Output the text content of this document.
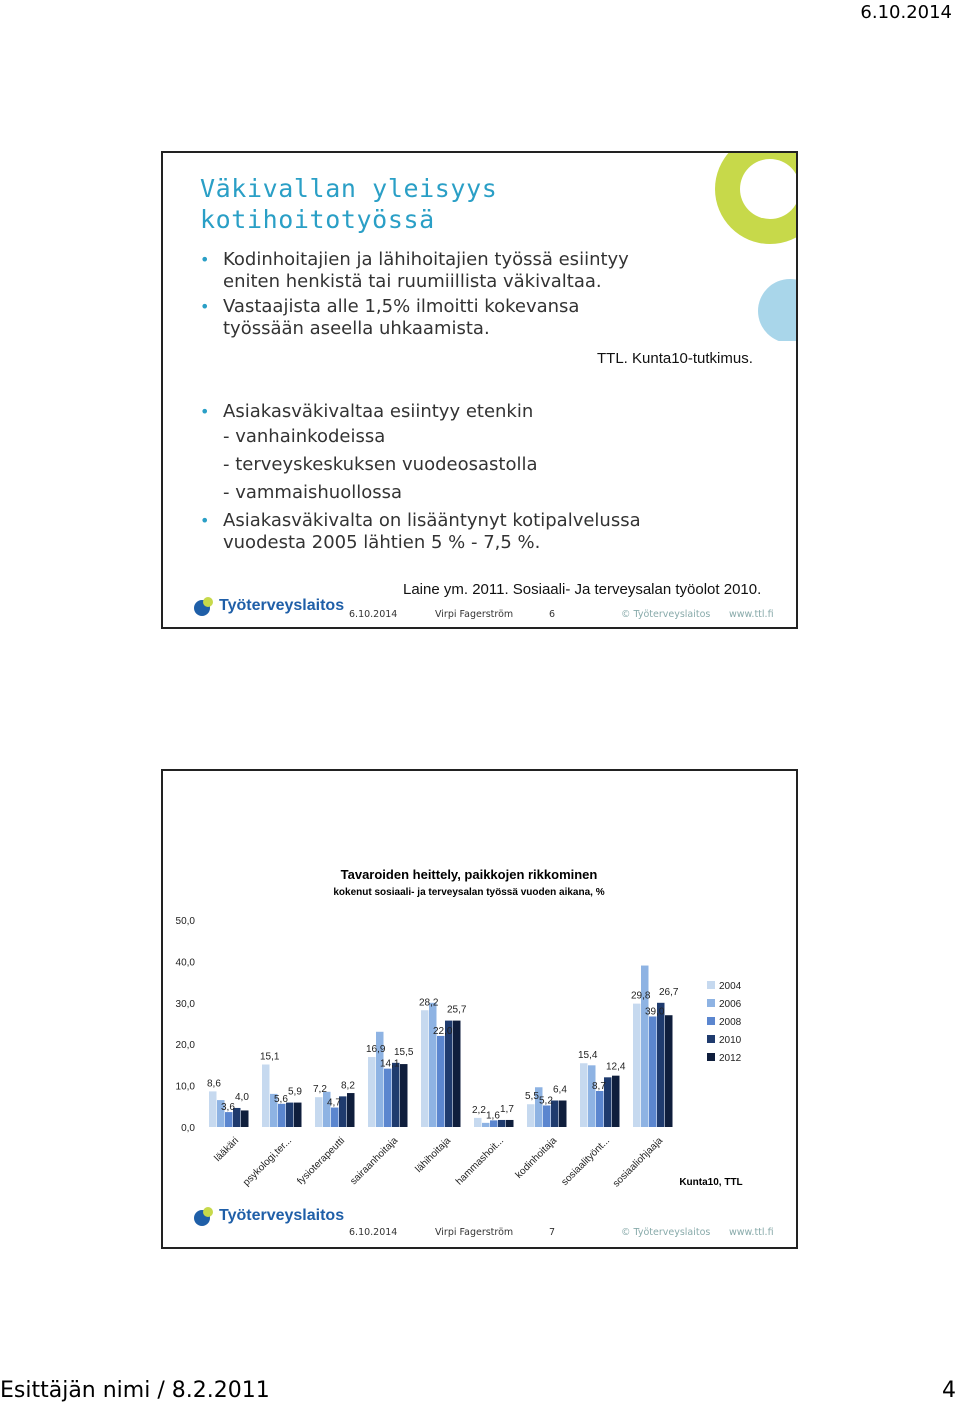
6.10.2014
Väkivallan yleisyys
kotihoitotyössä
• Kodinhoitajien ja lähihoitajien työssä esiintyy eniten henkistä tai ruumiillista väkivaltaa.
• Vastaajista alle 1,5% ilmoitti kokevansa työssään aseella uhkaamista.
TTL. Kunta10-tutkimus.
• Asiakasväkivaltaa esiintyy etenkin
- vanhainkodeissa
- terveyskeskuksen vuodeosastolla
- vammaishuollossa
• Asiakasväkivalta on lisääntynyt kotipalvelussa vuodesta 2005 lähtien 5 % - 7,5 %.
Laine ym. 2011. Sosiaali- Ja terveysalan työolot 2010.
Työterveyslaitos
6.10.2014	Virpi Fagerström	6	© Työterveyslaitos www.ttl.fi
Tavaroiden heittely, paikkojen rikkominen
kokenut sosiaali- ja terveysalan työssä vuoden aikana, %
Kunta10, TTL
0,0
10,0
20,0
30,0
40,0
50,0
lääkäri psykologi,ter... fysioterapeutti sairaanhoitaja lähihoitaja hammashoit... kodinhoitaja sosiaalityönt...
sosiaaliohjaaja
8,6
3,6
4,0
15,1
5,6
5,9 7,2
4,7
8,2
16,9
14,1
15,5
28,2
22,0
25,7
2,2 1,6
1,7
5,5 5,2
6,4
15,4
8,7
12,4
29,8
39,0
26,7
2004
2006
2008
2010
2012
Työterveyslaitos
6.10.2014	Virpi Fagerström	7	© Työterveyslaitos www.ttl.fi
Esittäjän nimi / 8.2.2011	4
